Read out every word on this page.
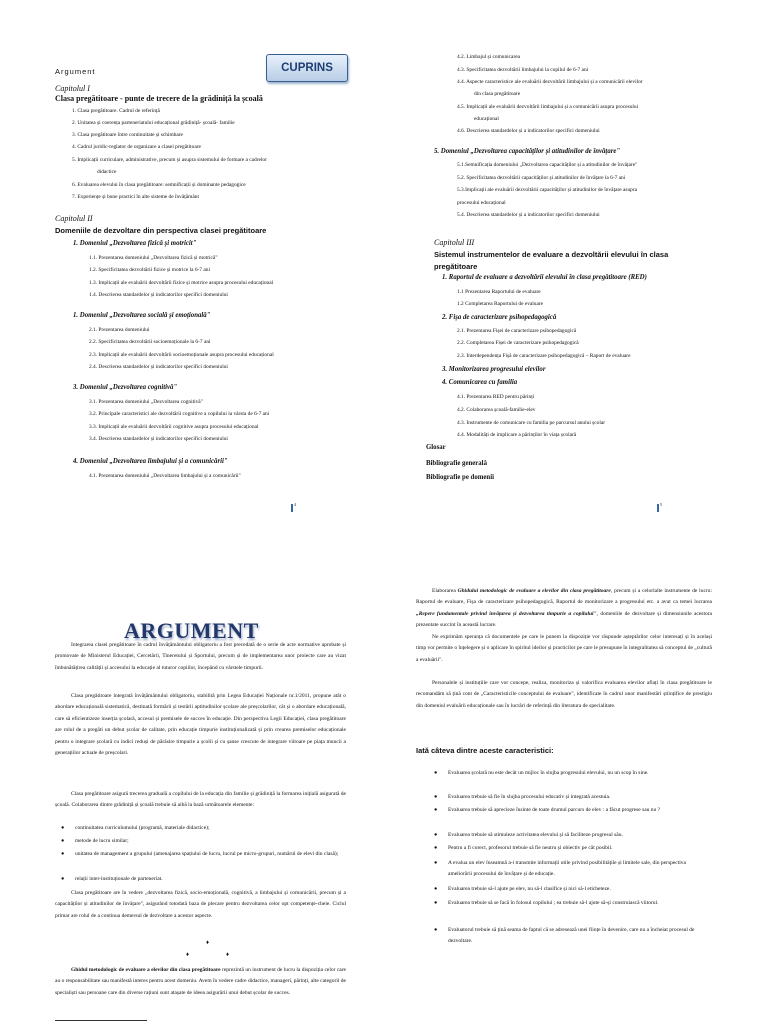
CUPRINS
Argument
Capitolul I
Clasa pregătitoare - punte de trecere de la grădiniță la școală
1. Clasa pregătitoare. Cadrul de referință
2. Unitatea și coerența parteneriatului educațional grădiniță- școală- familie
3. Clasa pregătitoare între continuitate și schimbare
4. Cadrul juridic-reglator de organizare a clasei pregătitoare
5. Implicații curriculare, administrative, precum și asupra sistemului de formare a cadrelor
didactice
6. Evaluarea elevului în clasa pregătitoare: semnificații și dominante pedagogice
7. Experiențe și bune practici în alte sisteme de învățământ
Capitolul II
Domeniile de dezvoltare din perspectiva clasei pregătitoare
1. Domeniul „Dezvoltarea fizică și motricit"
1.1. Prezentarea domeniului „Dezvoltarea fizică și motrică"
1.2. Specificitatea dezvoltării fizice și motrice la 6-7 ani
1.3. Implicații ale evaluării dezvoltării fizice și motrice asupra procesului educațional
1.4. Descrierea standardelor și indicatorilor specifici domeniului
1. Domeniul „Dezvoltarea socială și emoțională"
2.1. Prezentarea domeniului
2.2. Specificitatea dezvoltării socioemoționale la 6-7 ani
2.3. Implicații ale evaluării dezvoltării socioemoționale asupra procesului educațional
2.4. Descrierea standardelor și indicatorilor specifici domeniului
3. Domeniul „Dezvoltarea cognitivă"
3.1. Prezentarea domeniului „Dezvoltarea cognitivă"
3.2. Principale caracteristici ale dezvoltării cognitive a copilului la vârsta de 6-7 ani
3.3. Implicații ale evaluării dezvoltării cognitive asupra procesului educațional
3.4. Descrierea standardelor și indicatorilor specifici domeniului
4. Domeniul „Dezvoltarea limbajului și a comunicării"
4.1. Prezentarea domeniului „Dezvoltarea limbajului și a comunicării"
4
4.2. Limbajul și comunicarea
4.3. Specificitatea dezvoltării limbajului la copilul de 6-7 ani
4.4. Aspecte caracteristice ale evaluării dezvoltării limbajului și a comunicării elevilor
din clasa pregătitoare
4.5. Implicații ale evaluării dezvoltării limbajului și a comunicării asupra procesului
educațional
4.6. Descrierea standardelor și a indicatorilor specifici domeniului
5. Domeniul „Dezvoltarea capacităților și atitudinilor de învățare"
5.1.Semnificația domeniului „Dezvoltarea capacităților și a atitudinilor de învățare"
5.2. Specificitatea dezvoltării capacităților și atitudinilor de învățare la 6-7 ani
5.3.Implicații ale evaluării dezvoltării capacităților și atitudinilor de învățare asupra
procesului educațional
5.4. Descrierea standardelor și a indicatorilor specifici domeniului
Capitolul III
Sistemul instrumentelor de evaluare a dezvoltării elevului în clasa
pregătitoare
1. Raportul de evaluare a dezvoltării elevului în clasa pregătitoare (RED)
1.1 Prezentarea Raportului de evaluare
1.2 Completarea Raportului de evaluare
2. Fișa de caracterizare psihopedagogică
2.1. Prezentarea Fișei de caracterizare psihopedagogică
2.2. Completarea Fișei de caracterizare psihopedagogică
2.3. Interdependența Fișă de caracterizare psihopedagogică – Raport de evaluare
3. Monitorizarea progresului elevilor
4. Comunicarea cu familia
4.1. Prezentarea RED pentru părinți
4.2. Colaborarea școală-familie-elev
4.3. Instrumente de comunicare cu familia pe parcursul anului școlar
4.4. Modalități de implicare a părinților în viața școlară
Glosar
Bibliografie generală
Bibliografie pe domenii
5
ARGUMENT
Integrarea clasei pregătitoare în cadrul învățământului obligatoriu a fost precedată de o serie de acte normative aprobate și promovate de Ministerul Educației, Cercetării, Tineretului și Sportului, precum și de implementarea unor proiecte care au vizat îmbunătățirea calității și accesului la educație al tuturor copiilor, începând cu vârstele timpurii.
Clasa pregătitoare integrată învățământului obligatoriu, stabilită prin Legea Educației Naționale nr.1/2011, propune atât o abordare educațională sistematică, destinată formării și testării aptitudinilor școlare ale preșcolarilor, cât și o abordare educațională, care să eficientizeze inserția școlară, accesul și premisele de succes în educație. Din perspectiva Legii Educației, clasa pregătitoare are rolul de a pregăti un debut școlar de calitate, prin educație timpurie instituționalizată și prin crearea premiselor educaționale pentru o integrare școlară cu indici reduși de părăsire timpurie a școlii și cu șanse crescute de integrare viitoare pe piața muncii a generațiilor actuale de preșcolari.
Clasa pregătitoare asigură trecerea graduală a copilului de la educația din familie și grădiniță la formarea inițială asigurată de școală. Colaborarea dintre grădiniță și școală trebuie să aibă la bază următoarele elemente:
● continuitatea curriculumului (programă, materiale didactice);
● metode de lucru similar;
● unitatea de management a grupului (amenajarea spațiului de lucru, lucrul pe micro-grupuri, numărul de elevi din clasă);
● relații inter-instituționale de parteneriat.
Clasa pregătitoare are în vedere „dezvoltarea fizică, socio-emoțională, cognitivă, a limbajului și comunicării, precum și a capacităților și atitudinilor de învățare", asigurând totodată baza de plecare pentru dezvoltarea celor opt competențe-cheie. Ciclul primar are rolul de a continua demersul de dezvoltare a acestor aspecte.
♦
♦	♦
Ghidul metodologic de evaluare a elevilor din clasa pregătitoare reprezintă un instrument de lucru la dispoziția celor care au o responsabilitate sau manifestă interes pentru acest domeniu. Avem în vedere cadre didactice, manageri, părinți, alte categorii de specialiști sau persoane care din diverse rațiuni sunt atașate de ideea asigurării unui debut școlar de succes.
Elaborarea Ghidului metodologic de evaluare a elevilor din clasa pregătitoare, precum și a celorlalte instrumente de lucru: Raportul de evaluare, Fișa de caracterizare psihopedagogică, Raportul de monitorizare a progresului etc. a avut ca temei lucrarea „Repere fundamentale privind învățarea și dezvoltarea timpurie a copilului", domeniile de dezvoltare și dimensiunile acestora prezentate succint în această lucrare.
Ne exprimăm speranța că documentele pe care le punem la dispoziție vor răspunde așteptărilor celor interesați și în același timp vor permite o înțelegere și o aplicare în spiritul ideilor și practicilor pe care le presupune în integralitatea să conceptul de „cultură a evaluării".
Personalele și instituțiile care vor concepe, realiza, monitoriza și valorifica evaluarea elevilor aflați în clasa pregătitoare le recomandăm să țină cont de „Caracteristicile conceptului de evaluare", identificate în cadrul unor manifestări științifice de prestigiu din domeniul evaluării educaționale sau în lucrări de referință din literatura de specialitate.
Iată câteva dintre aceste caracteristici:
● Evaluarea școlară nu este decât un mijloc în slujba progresului elevului, nu un scop în sine.
● Evaluarea trebuie să fie în slujba procesului educativ și integrată acestuia.
● Evaluarea trebuie să aprecieze însinte de toate drumul parcurs de elev : a făcut progrese sau nu ?
● Evaluarea trebuie să stimuleze activitatea elevului și să faciliteze progresul său.
● Pentru a fi corect, profesorul trebuie să fie neutru și obiectiv pe cât posibil.
● A evalua un elev înseamnă a-i transmite informații utile privind posibilitățile și limitele sale, din perspectiva ameliorării procesului de învățare și de educație.
● Evaluarea trebuie să-l ajute pe elev, nu să-l clasifice și nici să-l eticheteze.
● Evaluarea trebuie să se facă în folosul copilului ; ea trebuie să-l ajute să-și construiască viitorul.
● Evaluatorul trebuie să țină seama de faptul că se adresează unei ființe în devenire, care nu a încheiat procesul de dezvoltare.
